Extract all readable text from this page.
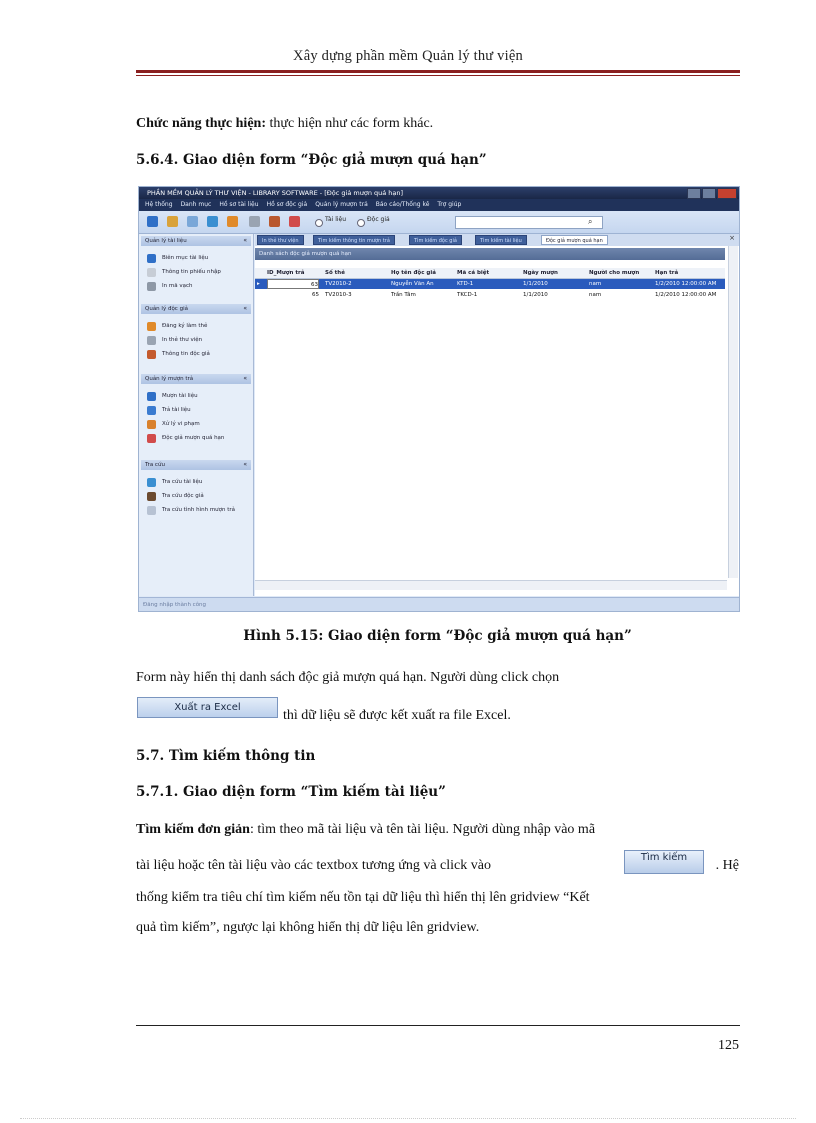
Xây dựng phần mềm Quản lý thư viện
Chức năng thực hiện: thực hiện như các form khác.
5.6.4. Giao diện form “Độc giả mượn quá hạn”
PHẦN MỀM QUẢN LÝ THƯ VIỆN - LIBRARY SOFTWARE - [Độc giả mượn quá hạn]
Hệ thống Danh mục Hồ sơ tài liệu Hồ sơ độc giả Quản lý mượn trả Báo cáo/Thống kê Trợ giúp
Tài liệu	Độc giả	⌕
Quản lý tài liệu	«
Biên mục tài liệu
Thông tin phiếu nhập
In mã vạch
Quản lý độc giả	«
Đăng ký làm thẻ
In thẻ thư viện
Thông tin độc giả
Quản lý mượn trả	«
Mượn tài liệu
Trả tài liệu
Xử lý vi phạm
Độc giả mượn quá hạn
Tra cứu	«
Tra cứu tài liệu
Tra cứu độc giả
Tra cứu tình hình mượn trả
In thẻ thư viện	Tìm kiếm thông tin mượn trả	Tìm kiếm độc giả	Tìm kiếm tài liệu	Độc giả mượn quá hạn	×
Danh sách độc giả mượn quá hạn
ID_Mượn trả	Số thẻ	Họ tên độc giả	Mã cá biệt	Ngày mượn	Người cho mượn	Hạn trả
▸	63 TV2010-2	Nguyễn Văn An	KTD-1	1/1/2010	nam	1/2/2010 12:00:00 AM
65 TV2010-3	Trần Tâm	TKCD-1	1/1/2010	nam	1/2/2010 12:00:00 AM
Đăng nhập thành công
Hình 5.15: Giao diện form “Độc giả mượn quá hạn”
Form này hiển thị danh sách độc giả mượn quá hạn. Người dùng click chọn
Xuất ra Excel
thì dữ liệu sẽ được kết xuất ra file Excel.
5.7. Tìm kiếm thông tin
5.7.1. Giao diện form “Tìm kiếm tài liệu”
Tìm kiếm đơn giản: tìm theo mã tài liệu và tên tài liệu. Người dùng nhập vào mã
tài liệu hoặc tên tài liệu vào các textbox tương ứng và click vào
Tìm kiếm
. Hệ
thống kiểm tra tiêu chí tìm kiếm nếu tồn tại dữ liệu thì hiển thị lên gridview “Kết
quả tìm kiếm”, ngược lại không hiển thị dữ liệu lên gridview.
125
